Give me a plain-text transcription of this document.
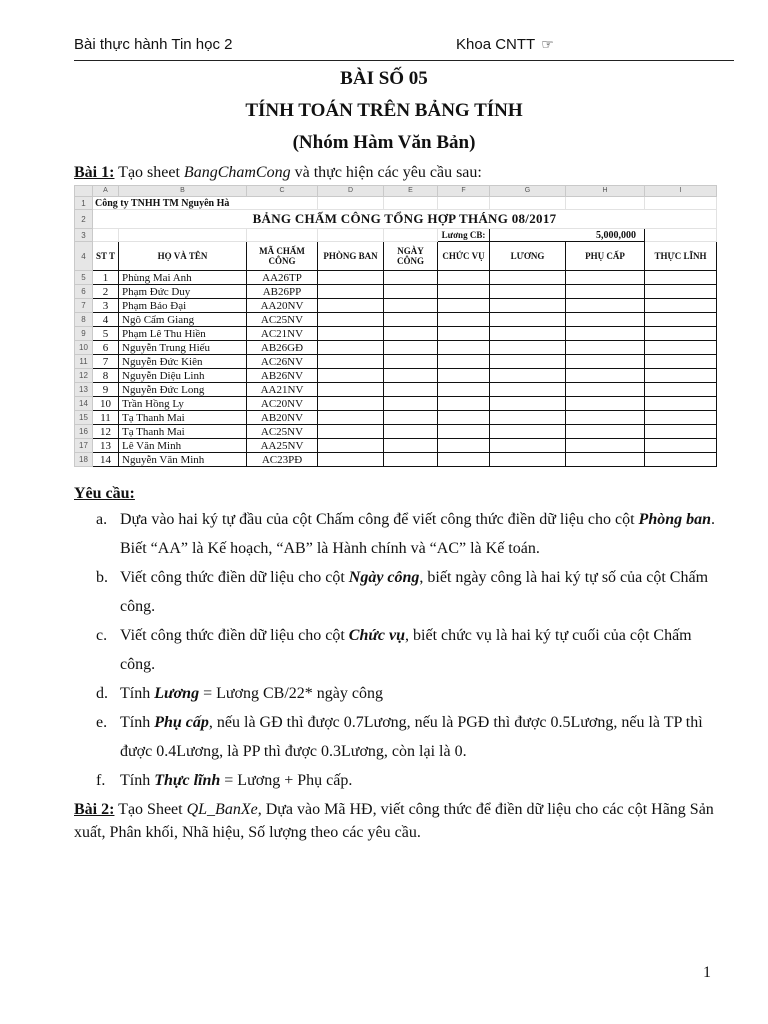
Bài thực hành Tin học 2	Khoa CNTT ☞
BÀI SỐ 05
TÍNH TOÁN TRÊN BẢNG TÍNH
(Nhóm Hàm Văn Bản)
Bài 1: Tạo sheet BangChamCong và thực hiện các yêu cầu sau:
	A	B	C	D	E	F	G	H	I
1	Công ty TNHH TM Nguyên Hà								
2	BẢNG CHẤM CÔNG TỔNG HỢP THÁNG 08/2017								
3						Lương CB:	5,000,000		
4	ST T	HỌ VÀ TÊN	MÃ CHẤM CÔNG	PHÒNG BAN	NGÀY CÔNG	CHỨC VỤ	LƯƠNG	PHỤ CẤP	THỰC LĨNH
5	1	Phùng Mai Anh	AA26TP						
6	2	Phạm Đức Duy	AB26PP						
7	3	Phạm Bảo Đại	AA20NV						
8	4	Ngô Cẩm Giang	AC25NV						
9	5	Phạm Lê Thu Hiền	AC21NV						
10	6	Nguyễn Trung Hiếu	AB26GĐ						
11	7	Nguyễn Đức Kiên	AC26NV						
12	8	Nguyễn Diệu Linh	AB26NV						
13	9	Nguyễn Đức Long	AA21NV						
14	10	Trần Hồng Ly	AC20NV						
15	11	Tạ Thanh Mai	AB20NV						
16	12	Tạ Thanh Mai	AC25NV						
17	13	Lê Văn Minh	AA25NV						
18	14	Nguyễn Văn Minh	AC23PĐ						
Yêu cầu:
a. Dựa vào hai ký tự đầu của cột Chấm công để viết công thức điền dữ liệu cho cột Phòng ban. Biết “AA” là Kế hoạch, “AB” là Hành chính và “AC” là Kế toán.
b. Viết công thức điền dữ liệu cho cột Ngày công, biết ngày công là hai ký tự số của cột Chấm công.
c. Viết công thức điền dữ liệu cho cột Chức vụ, biết chức vụ là hai ký tự cuối của cột Chấm công.
d. Tính Lương = Lương CB/22* ngày công
e. Tính Phụ cấp, nếu là GĐ thì được 0.7Lương, nếu là PGĐ thì được 0.5Lương, nếu là TP thì được 0.4Lương, là PP thì được 0.3Lương, còn lại là 0.
f. Tính Thực lĩnh = Lương + Phụ cấp.
Bài 2: Tạo Sheet QL_BanXe, Dựa vào Mã HĐ, viết công thức để điền dữ liệu cho các cột Hãng Sản xuất, Phân khối, Nhã hiệu, Số lượng theo các yêu cầu.
1
